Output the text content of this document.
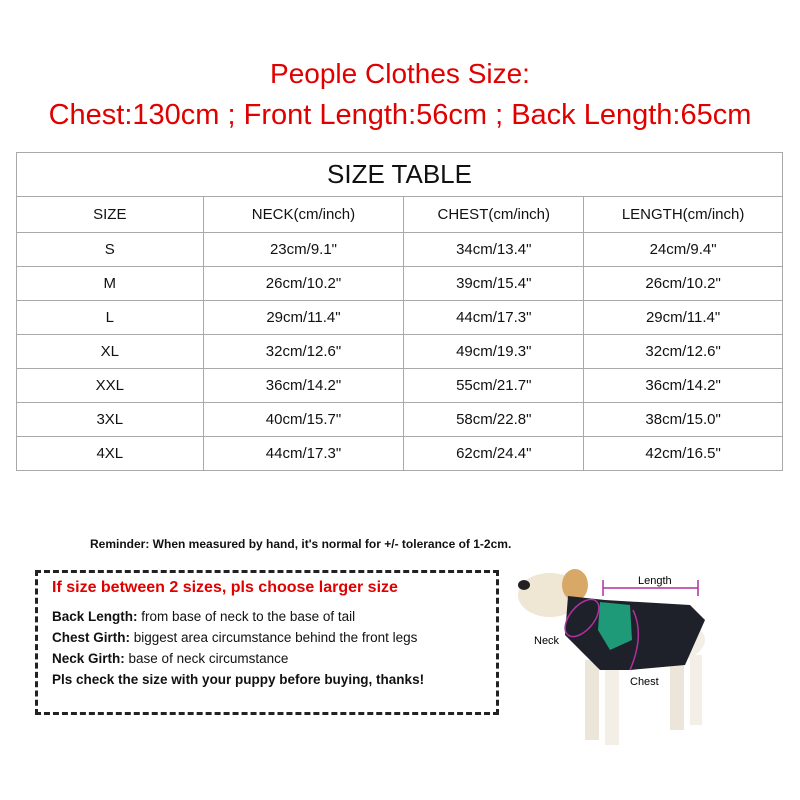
People Clothes Size:
Chest:130cm ; Front Length:56cm ; Back Length:65cm
SIZE TABLE			
SIZE	NECK(cm/inch)	CHEST(cm/inch)	LENGTH(cm/inch)
S	23cm/9.1"	34cm/13.4"	24cm/9.4"
M	26cm/10.2"	39cm/15.4"	26cm/10.2"
L	29cm/11.4"	44cm/17.3"	29cm/11.4"
XL	32cm/12.6"	49cm/19.3"	32cm/12.6"
XXL	36cm/14.2"	55cm/21.7"	36cm/14.2"
3XL	40cm/15.7"	58cm/22.8"	38cm/15.0"
4XL	44cm/17.3"	62cm/24.4"	42cm/16.5"
Reminder: When measured by hand, it's normal for +/- tolerance of 1-2cm.
If size between 2 sizes, pls choose larger size

Back Length: from base of neck to the base of tail

Chest Girth: biggest area circumstance behind the front legs

Neck Girth: base of neck circumstance

Pls check the size with your puppy before buying, thanks!

Length
Neck
Chest
